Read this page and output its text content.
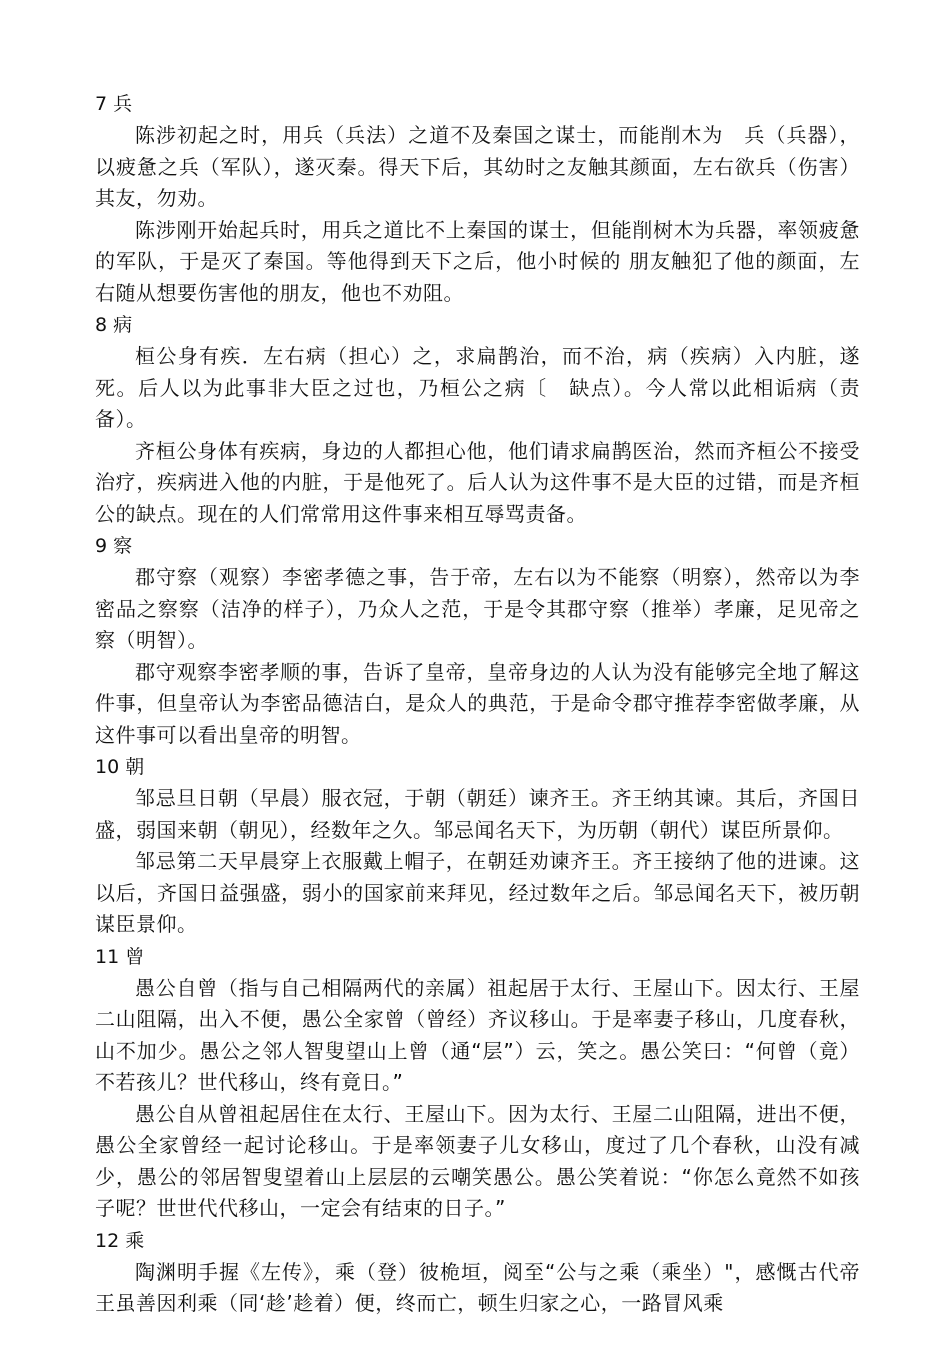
7 兵

陈涉初起之时，用兵（兵法）之道不及秦国之谋士，而能削木为　兵（兵器），以疲惫之兵（军队），遂灭秦。得天下后，其幼时之友触其颜面，左右欲兵（伤害）其友，勿劝。

陈涉刚开始起兵时，用兵之道比不上秦国的谋士，但能削树木为兵器，率领疲惫的军队，于是灭了秦国。等他得到天下之后，他小时候的 朋友触犯了他的颜面，左右随从想要伤害他的朋友，他也不劝阻。

8 病

桓公身有疾．左右病（担心）之，求扁鹊治，而不治，病（疾病）入内脏，遂死。后人以为此事非大臣之过也，乃桓公之病〔　缺点）。今人常以此相诟病（责备）。

齐桓公身体有疾病，身边的人都担心他，他们请求扁鹊医治，然而齐桓公不接受治疗，疾病进入他的内脏，于是他死了。后人认为这件事不是大臣的过错，而是齐桓公的缺点。现在的人们常常用这件事来相互辱骂责备。

9 察

郡守察（观察）李密孝德之事，告于帝，左右以为不能察（明察），然帝以为李密品之察察（洁净的样子），乃众人之范，于是令其郡守察（推举）孝廉，足见帝之察（明智）。

郡守观察李密孝顺的事，告诉了皇帝，皇帝身边的人认为没有能够完全地了解这件事，但皇帝认为李密品德洁白，是众人的典范，于是命令郡守推荐李密做孝廉，从这件事可以看出皇帝的明智。

10 朝

邹忌旦日朝（早晨）服衣冠，于朝（朝廷）谏齐王。齐王纳其谏。其后，齐国日盛，弱国来朝（朝见），经数年之久。邹忌闻名天下，为历朝（朝代）谋臣所景仰。

邹忌第二天早晨穿上衣服戴上帽子，在朝廷劝谏齐王。齐王接纳了他的进谏。这以后，齐国日益强盛，弱小的国家前来拜见，经过数年之后。邹忌闻名天下，被历朝谋臣景仰。

11 曾

愚公自曾（指与自己相隔两代的亲属）祖起居于太行、王屋山下。因太行、王屋二山阻隔，出入不便，愚公全家曾（曾经）齐议移山。于是率妻子移山，几度春秋，山不加少。愚公之邻人智叟望山上曾（通“层”）云，笑之。愚公笑曰：“何曾（竟）不若孩儿？世代移山，终有竟日。”

愚公自从曾祖起居住在太行、王屋山下。因为太行、王屋二山阻隔，进出不便，愚公全家曾经一起讨论移山。于是率领妻子儿女移山，度过了几个春秋，山没有减少，愚公的邻居智叟望着山上层层的云嘲笑愚公。愚公笑着说：“你怎么竟然不如孩子呢？世世代代移山，一定会有结束的日子。”

12 乘

陶渊明手握《左传》，乘（登）彼桅垣，阅至“公与之乘（乘坐）"，感慨古代帝王虽善因利乘（同‘趁’趁着）便，终而亡，顿生归家之心，一路冒风乘
